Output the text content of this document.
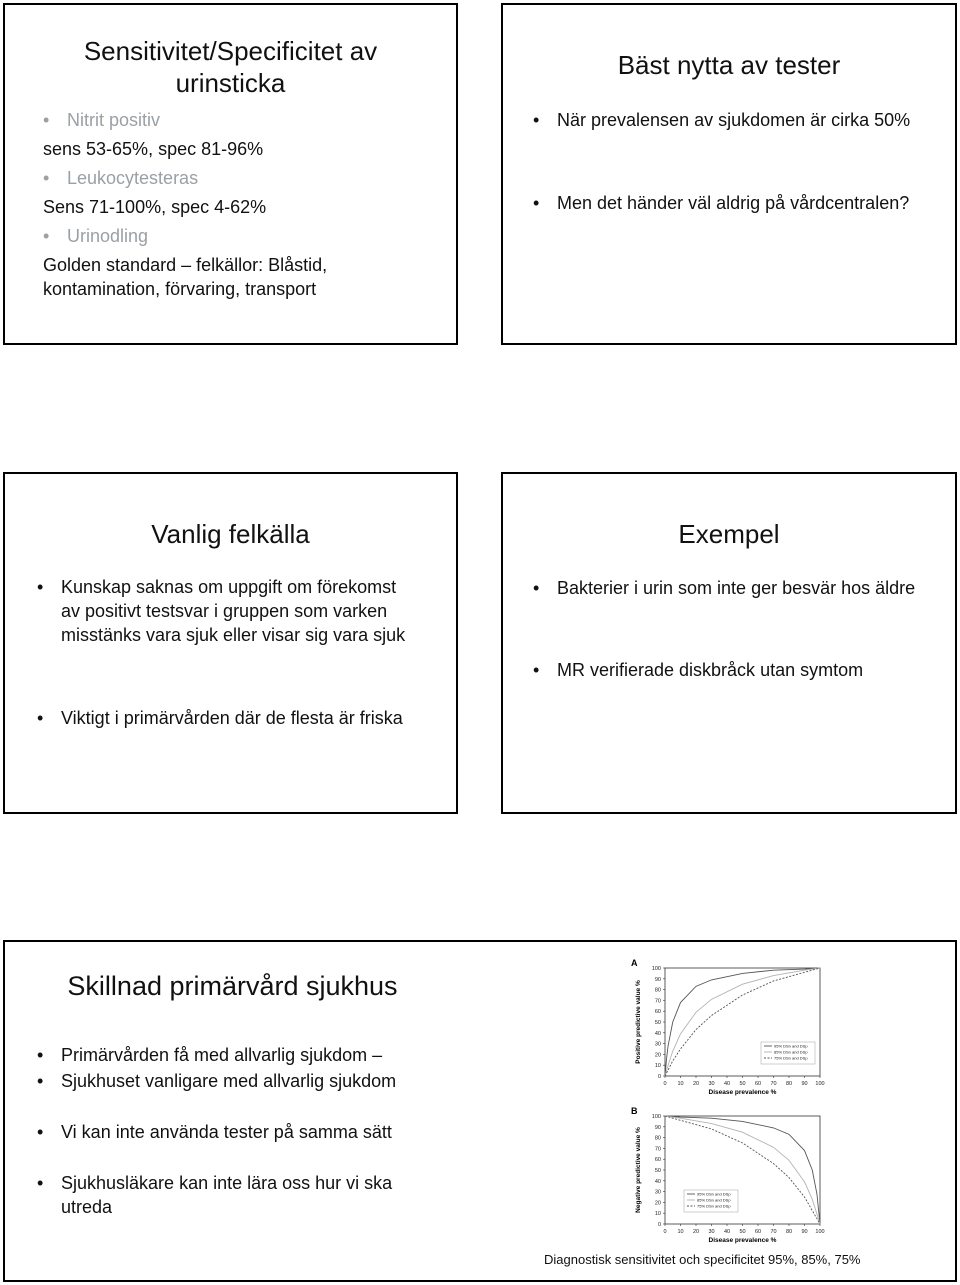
Sensitivitet/Specificitet av urinsticka
• Nitrit positiv

sens 53-65%, spec 81-96%

• Leukocytesteras

Sens 71-100%, spec 4-62%

• Urinodling

Golden standard – felkällor: Blåstid, kontamination, förvaring, transport

Bäst nytta av tester
• När prevalensen av sjukdomen är cirka 50%
• Men det händer väl aldrig på vårdcentralen?
Vanlig felkälla
• Kunskap saknas om uppgift om förekomst av positivt testsvar i gruppen som varken misstänks vara sjuk eller visar sig vara sjuk
• Viktigt i primärvården där de flesta är friska
Exempel
• Bakterier i urin som inte ger besvär hos äldre
• MR verifierade diskbråck utan symtom
Skillnad primärvård sjukhus
• Primärvården få med allvarlig sjukdom –
• Sjukhuset vanligare med allvarlig sjukdom
• Vi kan inte använda tester på samma sätt
• Sjukhusläkare kan inte lära oss hur vi ska utreda
A
0
10
20
30
40
50
60
70
80
90
100
0 10 20 30 40 50 60 70 80 90 100
Disease prevalence %
Positive predictive value %	95% DSn and DSp
85% DSn and DSp
75% DSn and DSp
B
0
10
20
30
40
50
60
70
80
90
100
0 10 20 30 40 50 60 70 80 90 100
Disease prevalence %
Negative predictive value %	95% DSn and DSp
85% DSn and DSp
75% DSn and DSp
Diagnostisk sensitivitet och specificitet 95%, 85%, 75%
